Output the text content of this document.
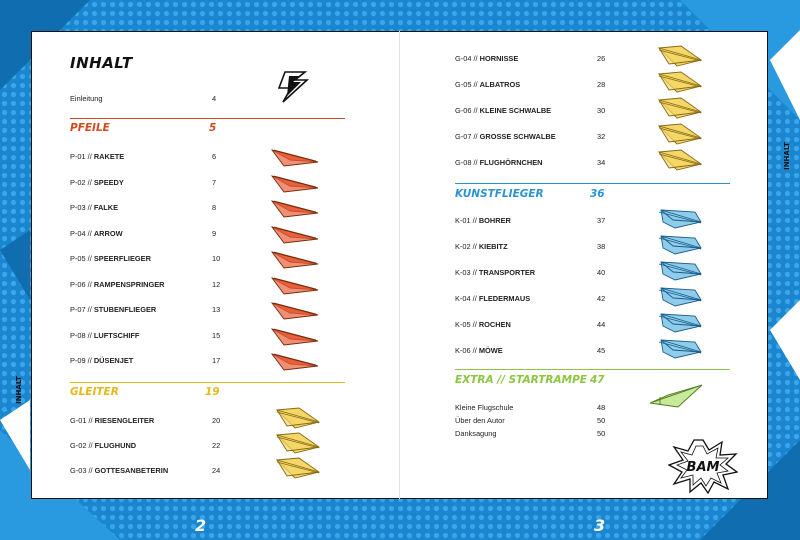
INHALT
INHALT
2	3
INHALT
Einleitung	4
PFEILE	5
P-01 // RAKETE	6
P-02 // SPEEDY	7
P-03 // FALKE	8
P-04 // ARROW	9
P-05 // SPEERFLIEGER	10
P-06 // RAMPENSPRINGER	12
P-07 // STUBENFLIEGER	13
P-08 // LUFTSCHIFF	15
P-09 // DÜSENJET	17
GLEITER	19
G-01 // RIESENGLEITER	20
G-02 // FLUGHUND	22
G-03 // GOTTESANBETERIN	24
G-04 // HORNISSE	26
G-05 // ALBATROS	28
G-06 // KLEINE SCHWALBE	30
G-07 // GROSSE SCHWALBE	32
G-08 // FLUGHÖRNCHEN	34
KUNSTFLIEGER	36
K-01 // BOHRER	37
K-02 // KIEBITZ	38
K-03 // TRANSPORTER	40
K-04 // FLEDERMAUS	42
K-05 // ROCHEN	44
K-06 // MÖWE	45
EXTRA // STARTRAMPE 47
Kleine Flugschule	48
Über den Autor	50
Danksagung	50
BAM
